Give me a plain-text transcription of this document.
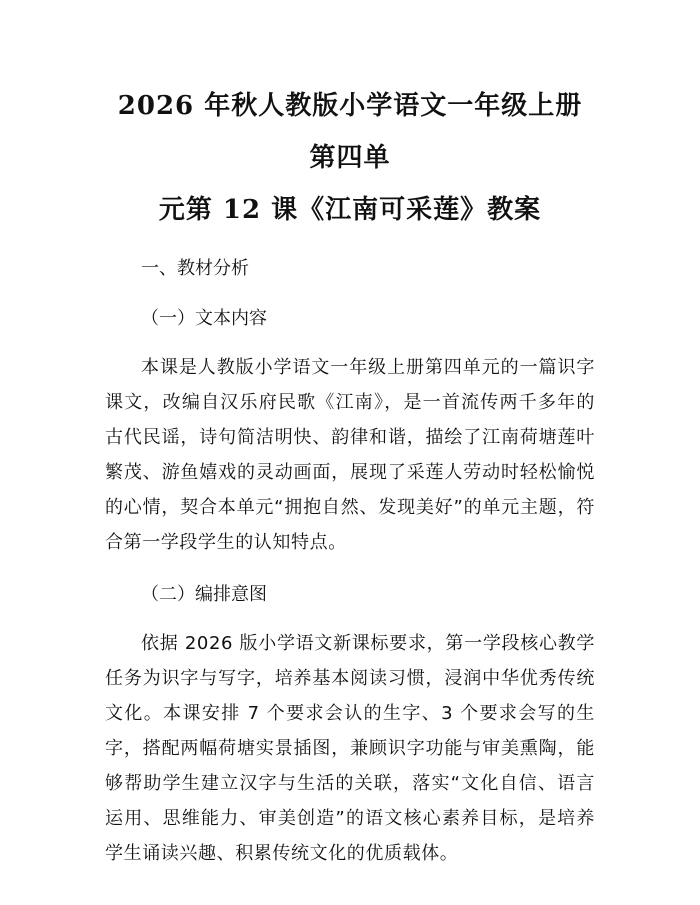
2026 年秋人教版小学语文一年级上册第四单
元第 12 课《江南可采莲》教案

一、教材分析

（一）文本内容

本课是人教版小学语文一年级上册第四单元的一篇识字课文，改编自汉乐府民歌《江南》，是一首流传两千多年的古代民谣，诗句简洁明快、韵律和谐，描绘了江南荷塘莲叶繁茂、游鱼嬉戏的灵动画面，展现了采莲人劳动时轻松愉悦的心情，契合本单元“拥抱自然、发现美好”的单元主题，符合第一学段学生的认知特点。

（二）编排意图

依据 2026 版小学语文新课标要求，第一学段核心教学任务为识字与写字，培养基本阅读习惯，浸润中华优秀传统文化。本课安排 7 个要求会认的生字、3 个要求会写的生字，搭配两幅荷塘实景插图，兼顾识字功能与审美熏陶，能够帮助学生建立汉字与生活的关联，落实“文化自信、语言运用、思维能力、审美创造”的语文核心素养目标，是培养学生诵读兴趣、积累传统文化的优质载体。
